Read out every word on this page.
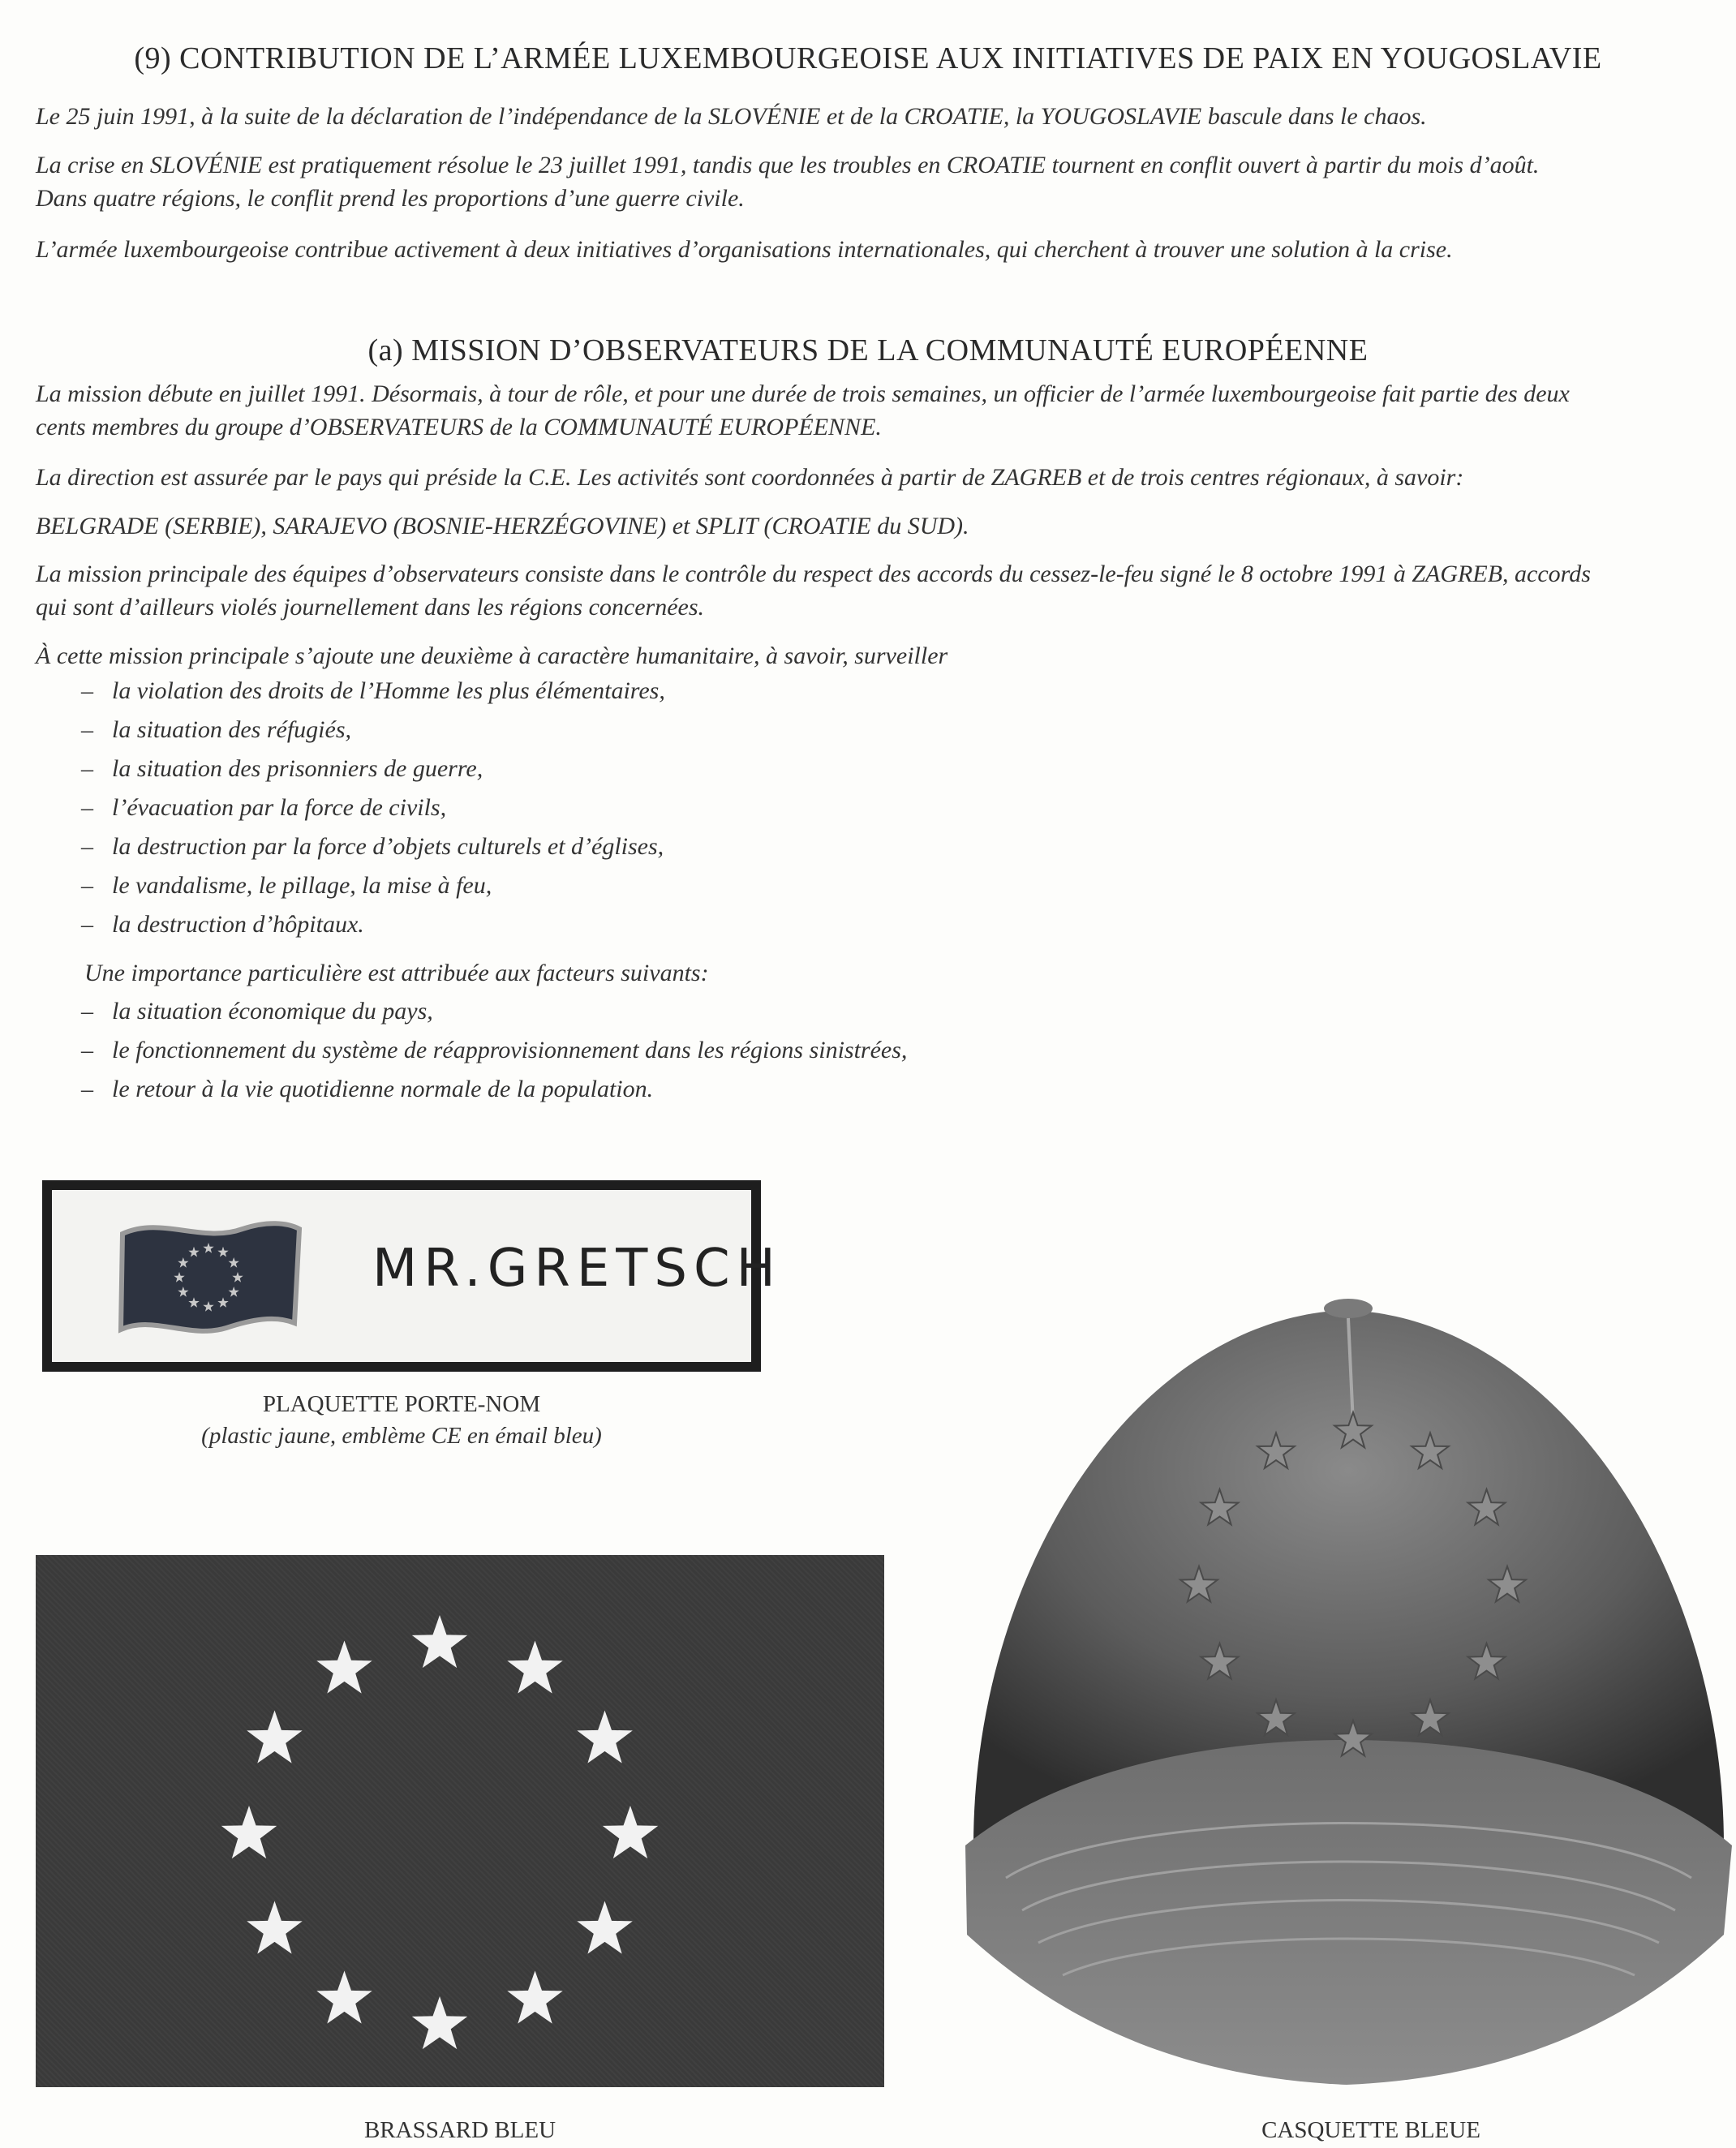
(9) CONTRIBUTION DE L’ARMÉE LUXEMBOURGEOISE AUX INITIATIVES DE PAIX EN YOUGOSLAVIE

Le 25 juin 1991, à la suite de la déclaration de l’indépendance de la SLOVÉNIE et de la CROATIE, la YOUGOSLAVIE bascule dans le chaos.

La crise en SLOVÉNIE est pratiquement résolue le 23 juillet 1991, tandis que les troubles en CROATIE tournent en conflit ouvert à partir du mois d’août.

Dans quatre régions, le conflit prend les proportions d’une guerre civile.

L’armée luxembourgeoise contribue activement à deux initiatives d’organisations internationales, qui cherchent à trouver une solution à la crise.

(a) MISSION D’OBSERVATEURS DE LA COMMUNAUTÉ EUROPÉENNE

La mission débute en juillet 1991. Désormais, à tour de rôle, et pour une durée de trois semaines, un officier de l’armée luxembourgeoise fait partie des deux

cents membres du groupe d’OBSERVATEURS de la COMMUNAUTÉ EUROPÉENNE.

La direction est assurée par le pays qui préside la C.E. Les activités sont coordonnées à partir de ZAGREB et de trois centres régionaux, à savoir:

BELGRADE (SERBIE), SARAJEVO (BOSNIE-HERZÉGOVINE) et SPLIT (CROATIE du SUD).

La mission principale des équipes d’observateurs consiste dans le contrôle du respect des accords du cessez-le-feu signé le 8 octobre 1991 à ZAGREB, accords

qui sont d’ailleurs violés journellement dans les régions concernées.

À cette mission principale s’ajoute une deuxième à caractère humanitaire, à savoir, surveiller

– la violation des droits de l’Homme les plus élémentaires,
– la situation des réfugiés,
– la situation des prisonniers de guerre,
– l’évacuation par la force de civils,
– la destruction par la force d’objets culturels et d’églises,
– le vandalisme, le pillage, la mise à feu,
– la destruction d’hôpitaux.
Une importance particulière est attribuée aux facteurs suivants:
– la situation économique du pays,
– le fonctionnement du système de réapprovisionnement dans les régions sinistrées,
– le retour à la vie quotidienne normale de la population.
MR.GRETSCH
PLAQUETTE PORTE-NOM
(plastic jaune, emblème CE en émail bleu)
BRASSARD BLEU	CASQUETTE BLEUE
